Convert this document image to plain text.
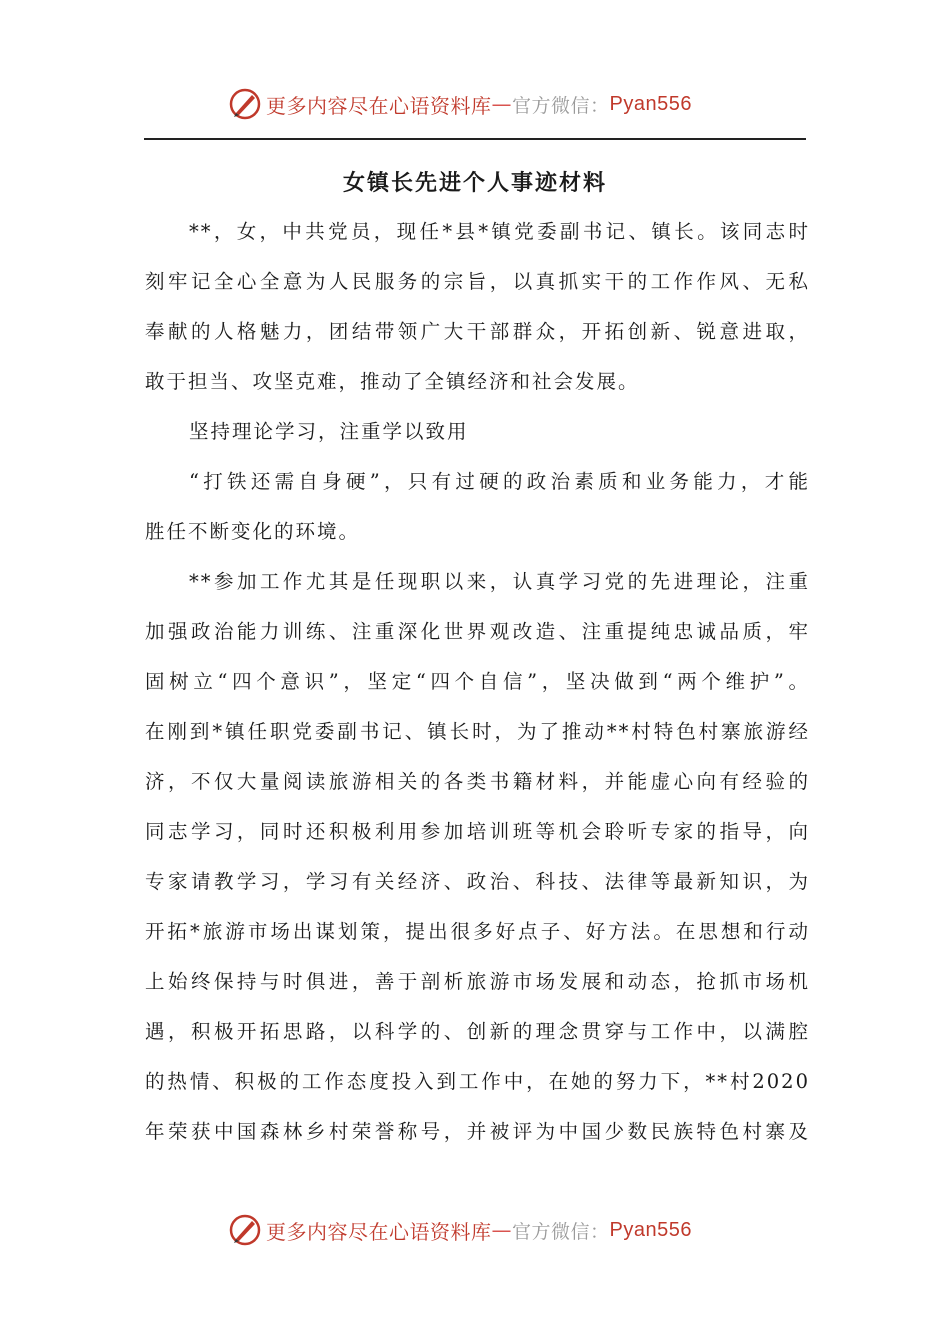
更多内容尽在心语资料库 — 官方微信： Pyan556
女镇长先进个人事迹材料
**，女，中共党员，现任*县*镇党委副书记、镇长。该同志时
刻牢记全心全意为人民服务的宗旨，以真抓实干的工作作风、无私
奉献的人格魅力，团结带领广大干部群众，开拓创新、锐意进取，
敢于担当、攻坚克难，推动了全镇经济和社会发展。
坚持理论学习，注重学以致用
“打铁还需自身硬”，只有过硬的政治素质和业务能力，才能
胜任不断变化的环境。
**参加工作尤其是任现职以来，认真学习党的先进理论，注重
加强政治能力训练、注重深化世界观改造、注重提纯忠诚品质，牢
固树立“四个意识”，坚定“四个自信”，坚决做到“两个维护”。
在刚到*镇任职党委副书记、镇长时，为了推动**村特色村寨旅游经
济，不仅大量阅读旅游相关的各类书籍材料，并能虚心向有经验的
同志学习，同时还积极利用参加培训班等机会聆听专家的指导，向
专家请教学习，学习有关经济、政治、科技、法律等最新知识，为
开拓*旅游市场出谋划策，提出很多好点子、好方法。在思想和行动
上始终保持与时俱进，善于剖析旅游市场发展和动态，抢抓市场机
遇，积极开拓思路，以科学的、创新的理念贯穿与工作中，以满腔
的热情、积极的工作态度投入到工作中，在她的努力下，**村2020
年荣获中国森林乡村荣誉称号，并被评为中国少数民族特色村寨及
更多内容尽在心语资料库 — 官方微信： Pyan556
